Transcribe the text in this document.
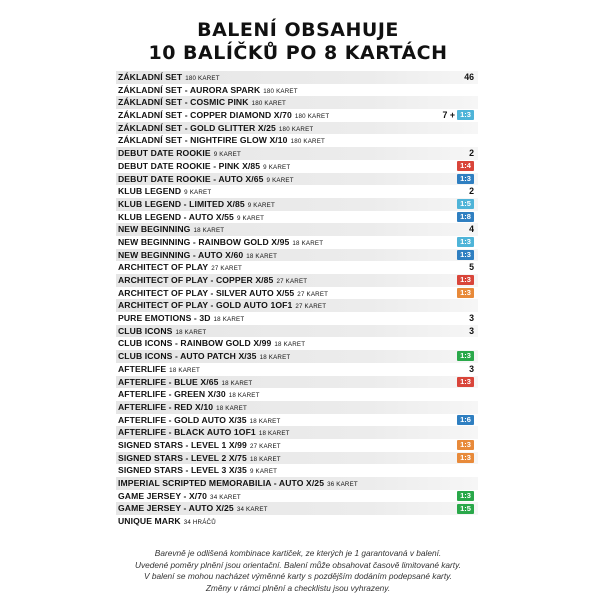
BALENÍ OBSAHUJE
10 BALÍČKŮ PO 8 KARTÁCH
ZÁKLADNÍ SET 180 KARET	46
ZÁKLADNÍ SET - AURORA SPARK 180 KARET
ZÁKLADNÍ SET - COSMIC PINK 180 KARET
ZÁKLADNÍ SET - COPPER DIAMOND X/70 180 KARET	7 + 1:3
ZÁKLADNÍ SET - GOLD GLITTER X/25 180 KARET
ZÁKLADNÍ SET - NIGHTFIRE GLOW X/10 180 KARET
DEBUT DATE ROOKIE 9 KARET	2
DEBUT DATE ROOKIE - PINK X/85 9 KARET	1:4
DEBUT DATE ROOKIE - AUTO X/65 9 KARET	1:3
KLUB LEGEND 9 KARET	2
KLUB LEGEND - LIMITED X/85 9 KARET	1:5
KLUB LEGEND - AUTO X/55 9 KARET	1:8
NEW BEGINNING 18 KARET	4
NEW BEGINNING - RAINBOW GOLD X/95 18 KARET	1:3
NEW BEGINNING - AUTO X/60 18 KARET	1:3
ARCHITECT OF PLAY 27 KARET	5
ARCHITECT OF PLAY - COPPER X/85 27 KARET	1:3
ARCHITECT OF PLAY - SILVER AUTO X/55 27 KARET	1:3
ARCHITECT OF PLAY - GOLD AUTO 1OF1 27 KARET
PURE EMOTIONS - 3D 18 KARET	3
CLUB ICONS 18 KARET	3
CLUB ICONS - RAINBOW GOLD X/99 18 KARET
CLUB ICONS - AUTO PATCH X/35 18 KARET	1:3
AFTERLIFE 18 KARET	3
AFTERLIFE - BLUE X/65 18 KARET	1:3
AFTERLIFE - GREEN X/30 18 KARET
AFTERLIFE - RED X/10 18 KARET
AFTERLIFE - GOLD AUTO X/35 18 KARET	1:6
AFTERLIFE - BLACK AUTO 1OF1 18 KARET
SIGNED STARS - LEVEL 1 X/99 27 KARET	1:3
SIGNED STARS - LEVEL 2 X/75 18 KARET	1:3
SIGNED STARS - LEVEL 3 X/35 9 KARET
IMPERIAL SCRIPTED MEMORABILIA - AUTO X/25 36 KARET
GAME JERSEY - X/70 34 KARET	1:3
GAME JERSEY - AUTO X/25 34 KARET	1:5
UNIQUE MARK 34 HRÁČŮ
Barevně je odlišená kombinace kartiček, ze kterých je 1 garantovaná v balení.
Uvedené poměry plnění jsou orientační. Balení může obsahovat časově limitované karty.
V balení se mohou nacházet výměnné karty s pozdějším dodáním podepsané karty.
Změny v rámci plnění a checklistu jsou vyhrazeny.
